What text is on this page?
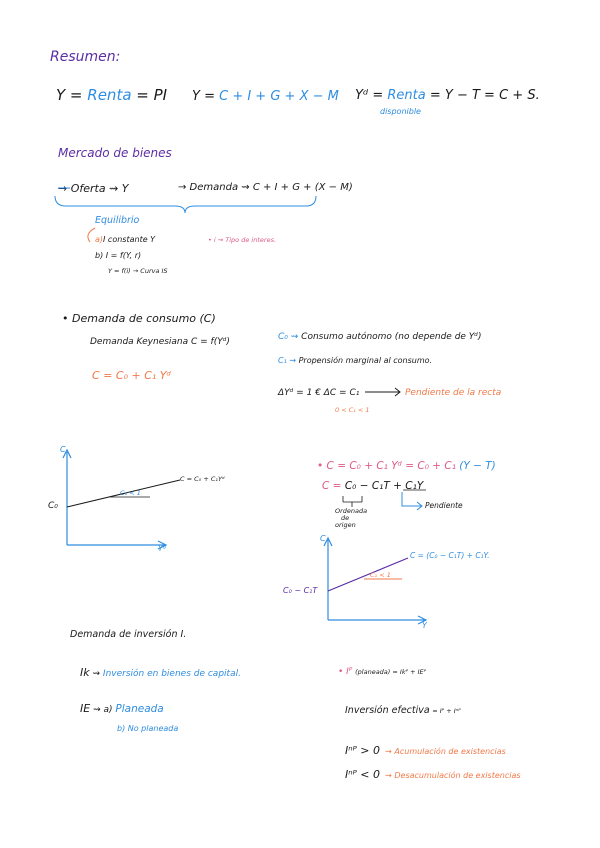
Resumen:
Y = Renta = PI Y = C + I + G + X − M Yᵈ = Renta = Y − T = C + S.
disponible
Mercado de bienes
→ Oferta ⇝ Y	→ Demanda ⇝ C + I + G + (X − M)
Equilibrio
a)I constante Y
b) I = f(Y, r)
Y = f(i) → Curva IS
• i ⇝ Tipo de interes.
• Demanda de consumo (C)
Demanda Keynesiana C = f(Yᵈ)
C = C₀ + C₁ Yᵈ
C₀ ⇝ Consumo autónomo (no depende de Yᵈ)
C₁ ⇝ Propensión marginal al consumo.
ΔYᵈ = 1 € ΔC = C₁	Pendiente de la recta
0 < C₁ < 1
C
Yᵈ
C₀
C = C₀ + C₁Yᵈ
C₁ < 1
• C = C₀ + C₁ Yᵈ = C₀ + C₁ (Y − T)
C = C₀ − C₁T + C₁Y
Ordenada
de
origen
Pendiente
C
Y
C₀ − C₁T
C = (C₀ − C₁T) + C₁Y.
C₁ < 1
Demanda de inversión I.
Ik ⇝ Inversión en bienes de capital.
IE ⇝ a) Planeada
b) No planeada
• Iᴾ (planeada) = Ikᴾ + IEᴾ
Inversión efectiva = Iᴾ + Iⁿᴾ
Iⁿᴾ > 0 ⇝ Acumulación de existencias
Iⁿᴾ < 0 ⇝ Desacumulación de existencias
